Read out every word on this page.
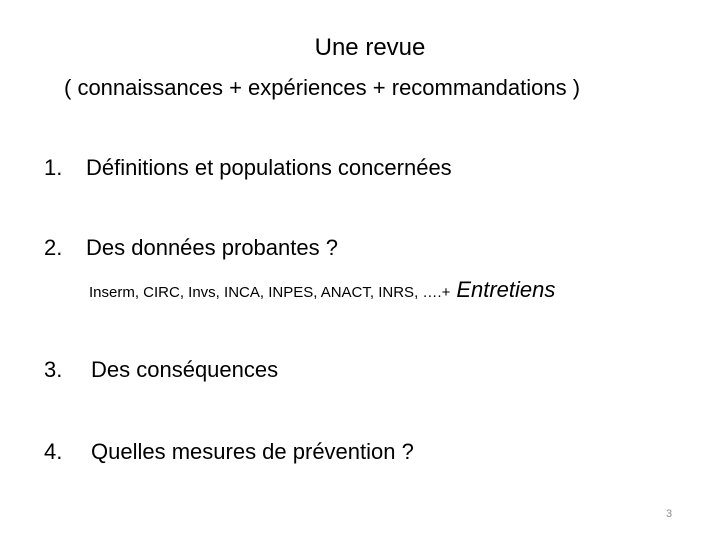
Une revue
( connaissances + expériences + recommandations )
1. Définitions et populations concernées
2. Des données probantes ?
Inserm, CIRC, Invs, INCA, INPES, ANACT, INRS, ….+ Entretiens
3. Des conséquences
4. Quelles mesures de prévention ?
3
